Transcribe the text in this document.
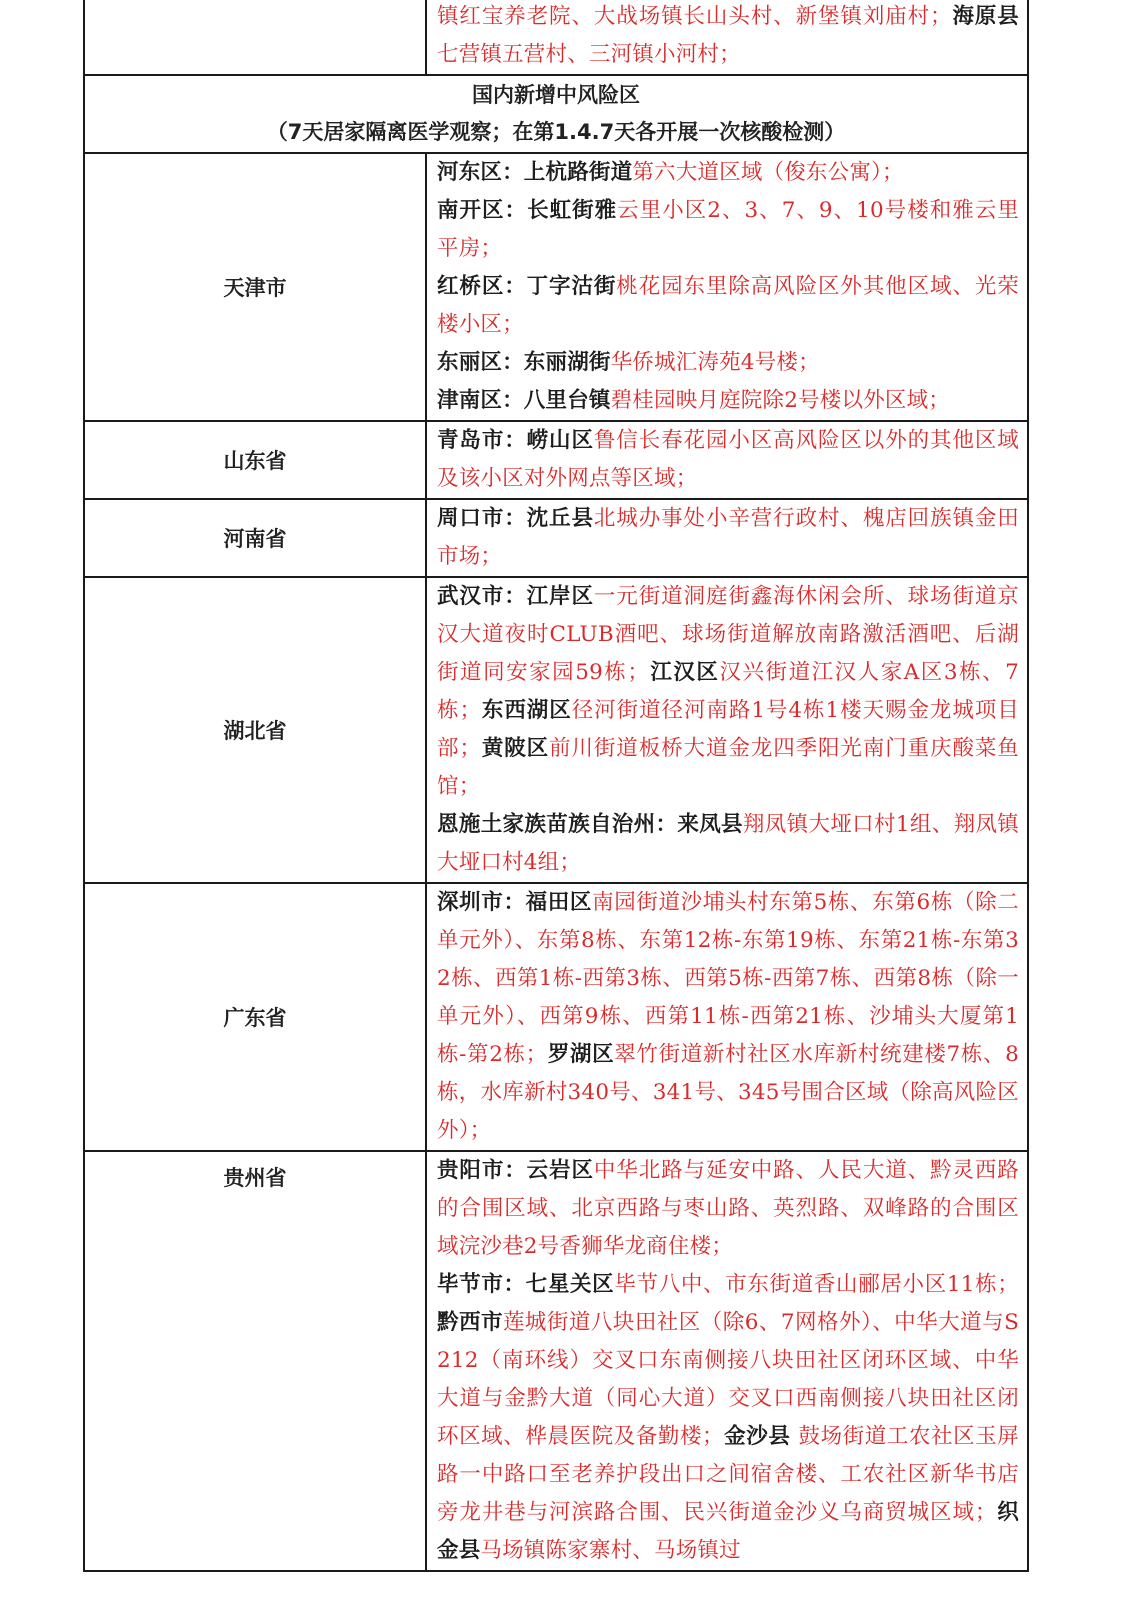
	镇红宝养老院、大战场镇长山头村、新堡镇刘庙村；海原县七营镇五营村、三河镇小河村；

国内新增中风险区
（7天居家隔离医学观察；在第1.4.7天各开展一次核酸检测）	

天津市	河东区：上杭路街道第六大道区域（俊东公寓）；
南开区：长虹街雅云里小区2、3、7、9、10号楼和雅云里平房；
红桥区：丁字沽街桃花园东里除高风险区外其他区域、光荣楼小区；
东丽区：东丽湖街华侨城汇涛苑4号楼；
津南区：八里台镇碧桂园映月庭院除2号楼以外区域；

山东省	青岛市：崂山区鲁信长春花园小区高风险区以外的其他区域及该小区对外网点等区域；

河南省	周口市：沈丘县北城办事处小辛营行政村、槐店回族镇金田市场；

湖北省	武汉市：江岸区一元街道洞庭街鑫海休闲会所、球场街道京汉大道夜时CLUB酒吧、球场街道解放南路激活酒吧、后湖街道同安家园59栋；江汉区汉兴街道江汉人家A区3栋、7栋；东西湖区径河街道径河南路1号4栋1楼天赐金龙城项目部；黄陂区前川街道板桥大道金龙四季阳光南门重庆酸菜鱼馆；
恩施土家族苗族自治州：来凤县翔凤镇大垭口村1组、翔凤镇大垭口村4组；

广东省	深圳市：福田区南园街道沙埔头村东第5栋、东第6栋（除二单元外）、东第8栋、东第12栋-东第19栋、东第21栋-东第32栋、西第1栋-西第3栋、西第5栋-西第7栋、西第8栋（除一单元外）、西第9栋、西第11栋-西第21栋、沙埔头大厦第1栋-第2栋；罗湖区翠竹街道新村社区水库新村统建楼7栋、8栋，水库新村340号、341号、345号围合区域（除高风险区外）；

贵州省	贵阳市：云岩区中华北路与延安中路、人民大道、黔灵西路的合围区域、北京西路与枣山路、英烈路、双峰路的合围区域浣沙巷2号香狮华龙商住楼；
毕节市：七星关区毕节八中、市东街道香山郦居小区11栋；黔西市莲城街道八块田社区（除6、7网格外）、中华大道与S212（南环线）交叉口东南侧接八块田社区闭环区域、中华大道与金黔大道（同心大道）交叉口西南侧接八块田社区闭环区域、桦晨医院及备勤楼；金沙县 鼓场街道工农社区玉屏路一中路口至老养护段出口之间宿舍楼、工农社区新华书店旁龙井巷与河滨路合围、民兴街道金沙义乌商贸城区域；织金县马场镇陈家寨村、马场镇过
